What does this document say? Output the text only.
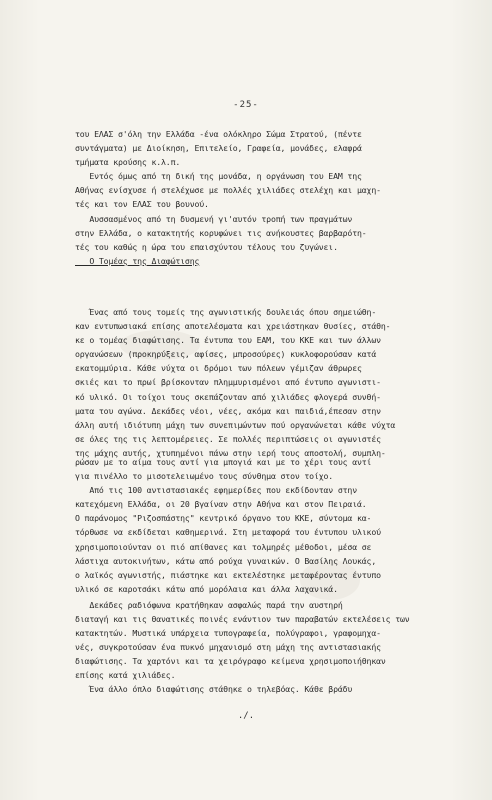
-25-
του ΕΛΑΣ σ'όλη την Ελλάδα -ένα ολόκληρο Σώμα Στρατού, (πέντε
συντάγματα) με Διοίκηση, Επιτελείο, Γραφεία, μονάδες, ελαφρά
τμήματα κρούσης κ.λ.π.
Εντός όμως από τη δική της μονάδα, η οργάνωση του ΕΑΜ της
Αθήνας ενίσχυσε ή στελέχωσε με πολλές χιλιάδες στελέχη και μαχη-
τές και τον ΕΛΑΣ του βουνού.
Αυσσασμένος από τη δυσμενή γι'αυτόν τροπή των πραγμάτων
στην Ελλάδα, ο κατακτητής κορυφώνει τις ανήκουστες βαρβαρότη-
τές του καθώς η ώρα του επαισχύντου τέλους του ζυγώνει.
Ο Τομέας της Διαφώτισης
Ένας από τους τομείς της αγωνιστικής δουλειάς όπου σημειώθη-
καν εντυπωσιακά επίσης αποτελέσματα και χρειάστηκαν θυσίες, στάθη-
κε ο τομέας διαφώτισης. Τα έντυπα του ΕΑΜ, του ΚΚΕ και των άλλων
οργανώσεων (προκηρύξεις, αφίσες, μπροσούρες) κυκλοφορούσαν κατά
εκατομμύρια. Κάθε νύχτα οι δρόμοι των πόλεων γέμιζαν άθρωρες
σκιές και το πρωί βρίσκονταν πλημμυρισμένοι από έντυπο αγωνιστι-
κό υλικό. Οι τοίχοι τους σκεπάζονταν από χιλιάδες φλογερά συνθή-
ματα του αγώνα. Δεκάδες νέοι, νέες, ακόμα και παιδιά,έπεσαν στην
άλλη αυτή ιδιότυπη μάχη των συνεπιμώντων πού οργανώνεται κάθε νύχτα
σε όλες της τις λεπτομέρειες. Σε πολλές περιπτώσεις οι αγωνιστές
της μάχης αυτής, χτυπημένοι πάνω στην ιερή τους αποστολή, συμπλη-
ρώσαν με το αίμα τους αντί για μπογιά και με το χέρι τους αντί
για πινέλλο το μισοτελειωμένο τους σύνθημα στον τοίχο.
Από τις 100 αντιστασιακές εφημερίδες που εκδίδονταν στην
κατεχόμενη Ελλάδα, οι 20 βγαίναν στην Αθήνα και στον Πειραιά.
Ο παράνομος "Ριζοσπάστης" κεντρικό όργανο του ΚΚΕ, σύντομα κα-
τόρθωσε να εκδίδεται καθημερινά. Στη μεταφορά του έντυπου υλικού
χρησιμοποιούνταν οι πιό απίθανες και τολμηρές μέθοδοι, μέσα σε
λάστιχα αυτοκινήτων, κάτω από ρούχα γυναικών. Ο Βασίλης Λουκάς,
ο λαϊκός αγωνιστής, πιάστηκε και εκτελέστηκε μεταφέροντας έντυπο
υλικό σε καροτσάκι κάτω από μορόλαια και άλλα λαχανικά.
Δεκάδες ραδιόφωνα κρατήθηκαν ασφαλώς παρά την αυστηρή
διαταγή και τις θανατικές ποινές ενάντιον των παραβατών εκτελέσεις των
κατακτητών. Μυστικά υπάρχεια τυπογραφεία, πολύγραφοι, γραφομηχα-
νές, συγκροτούσαν ένα πυκνό μηχανισμό στη μάχη της αντιστασιακής
διαφώτισης. Τα χαρτόνι και τα χειρόγραφο κείμενα χρησιμοποιήθηκαν
επίσης κατά χιλιάδες.
Ένα άλλο όπλο διαφώτισης στάθηκε ο τηλεβόας. Κάθε βράδυ
./.
